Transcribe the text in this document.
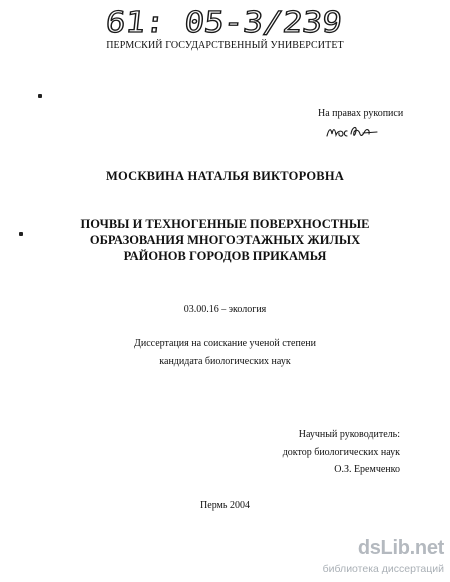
61: 05-3/239
ПЕРМСКИЙ ГОСУДАРСТВЕННЫЙ УНИВЕРСИТЕТ
На правах рукописи
МОСКВИНА НАТАЛЬЯ ВИКТОРОВНА
ПОЧВЫ И ТЕХНОГЕННЫЕ ПОВЕРХНОСТНЫЕ
ОБРАЗОВАНИЯ МНОГОЭТАЖНЫХ ЖИЛЫХ
РАЙОНОВ ГОРОДОВ ПРИКАМЬЯ
03.00.16 – экология
Диссертация на соискание ученой степени
кандидата биологических наук
Научный руководитель:
доктор биологических наук
О.З. Еремченко
Пермь 2004
dsLib.net
библиотека диссертаций
